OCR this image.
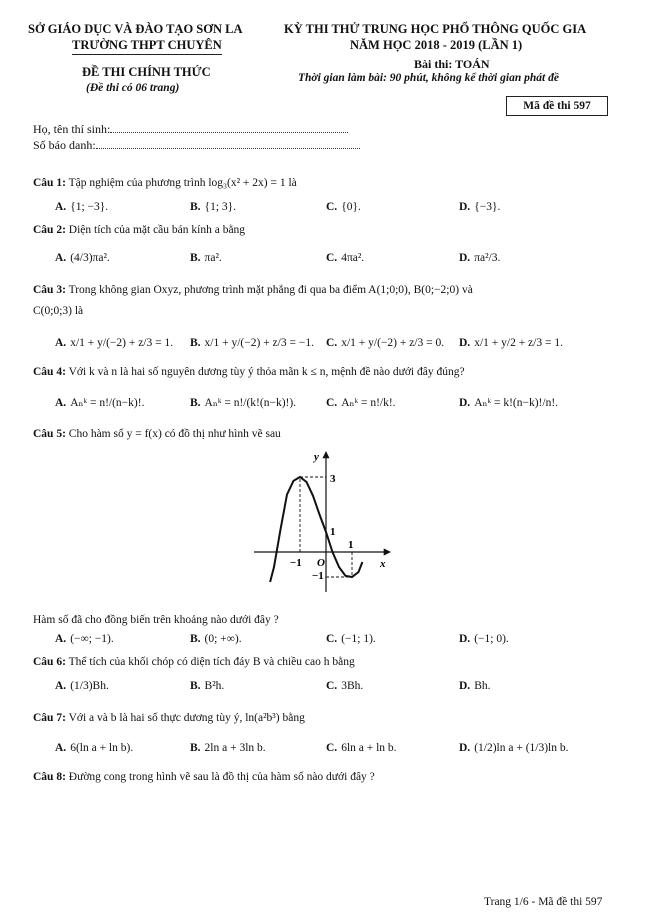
SỞ GIÁO DỤC VÀ ĐÀO TẠO SƠN LA
TRƯỜNG THPT CHUYÊN
ĐỀ THI CHÍNH THỨC
(Đề thi có 06 trang)
KỲ THI THỬ TRUNG HỌC PHỔ THÔNG QUỐC GIA
NĂM HỌC 2018 - 2019 (LẦN 1)
Bài thi: TOÁN
Thời gian làm bài: 90 phút, không kể thời gian phát đề
Mã đề thi 597
Họ, tên thí sinh:
Số báo danh:
Câu 1: Tập nghiệm của phương trình log₃(x² + 2x) = 1 là
A. {1; −3}.	B. {1; 3}.	C. {0}.	D. {−3}.
Câu 2: Diện tích của mặt cầu bán kính a bằng
A. (4/3)πa².	B. πa².	C. 4πa².	D. πa²/3.
Câu 3: Trong không gian Oxyz, phương trình mặt phẳng đi qua ba điểm A(1;0;0), B(0;−2;0) và
C(0;0;3) là
A. x/1 + y/(−2) + z/3 = 1. B. x/1 + y/(−2) + z/3 = −1. C. x/1 + y/(−2) + z/3 = 0. D. x/1 + y/2 + z/3 = 1.
Câu 4: Với k và n là hai số nguyên dương tùy ý thỏa mãn k ≤ n, mệnh đề nào dưới đây đúng?
A. Aₙᵏ = n!/(n−k)!.	B. Aₙᵏ = n!/(k!(n−k)!).	C. Aₙᵏ = n!/k!.	D. Aₙᵏ = k!(n−k)!/n!.
Câu 5: Cho hàm số y = f(x) có đồ thị như hình vẽ sau
y
x
O
−1
1
3
1
−1
Hàm số đã cho đồng biến trên khoảng nào dưới đây ?
A. (−∞; −1).	B. (0; +∞).	C. (−1; 1).	D. (−1; 0).
Câu 6: Thể tích của khối chóp có diện tích đáy B và chiều cao h bằng
A. (1/3)Bh.	B. B²h.	C. 3Bh.	D. Bh.
Câu 7: Với a và b là hai số thực dương tùy ý, ln(a²b³) bằng
A. 6(ln a + ln b).	B. 2ln a + 3ln b.	C. 6ln a + ln b.	D. (1/2)ln a + (1/3)ln b.
Câu 8: Đường cong trong hình vẽ sau là đồ thị của hàm số nào dưới đây ?
Trang 1/6 - Mã đề thi 597
